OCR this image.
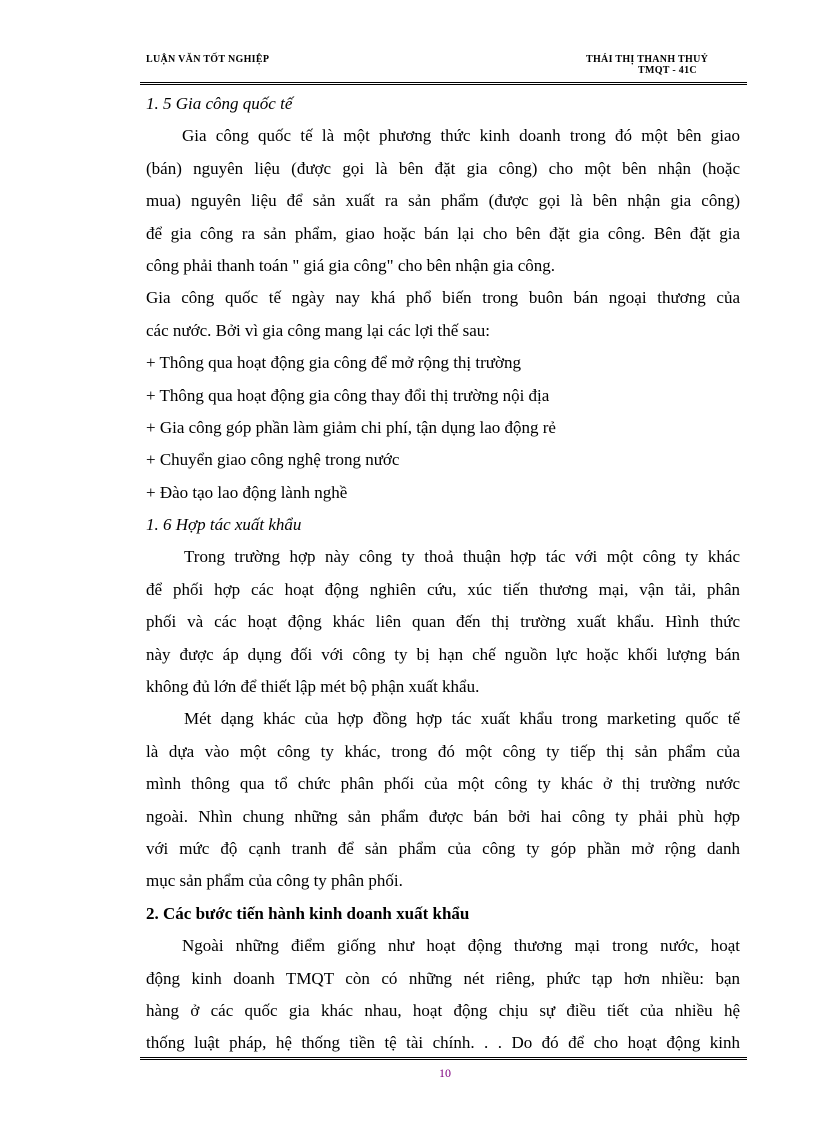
LUẬN VĂN TỐT NGHIỆP	THÁI THỊ THANH THUỶ
TMQT - 41C
1. 5 Gia công quốc tế
Gia công quốc tế là một phương thức kinh doanh trong đó một bên giao
(bán) nguyên liệu (được gọi là bên đặt gia công) cho một bên nhận (hoặc
mua) nguyên liệu để sản xuất ra sản phẩm (được gọi là bên nhận gia công)
để gia công ra sản phẩm, giao hoặc bán lại cho bên đặt gia công. Bên đặt gia
công phải thanh toán " giá gia công" cho bên nhận gia công.
Gia công quốc tế ngày nay khá phổ biến trong buôn bán ngoại thương của
các nước. Bởi vì gia công mang lại các lợi thế sau:
+ Thông qua hoạt động gia công để mở rộng thị trường
+ Thông qua hoạt động gia công thay đổi thị trường nội địa
+ Gia công góp phần làm giảm chi phí, tận dụng lao động rẻ
+ Chuyển giao công nghệ trong nước
+ Đào tạo lao động lành nghề
1. 6 Hợp tác xuất khẩu
Trong trường hợp này công ty thoả thuận hợp tác với một công ty khác
để phối hợp các hoạt động nghiên cứu, xúc tiến thương mại, vận tải, phân
phối và các hoạt động khác liên quan đến thị trường xuất khẩu. Hình thức
này được áp dụng đối với công ty bị hạn chế nguồn lực hoặc khối lượng bán
không đủ lớn để thiết lập mét bộ phận xuất khẩu.
Mét dạng khác của hợp đồng hợp tác xuất khẩu trong marketing quốc tế
là dựa vào một công ty khác, trong đó một công ty tiếp thị sản phẩm của
mình thông qua tổ chức phân phối của một công ty khác ở thị trường nước
ngoài. Nhìn chung những sản phẩm được bán bởi hai công ty phải phù hợp
với mức độ cạnh tranh để sản phẩm của công ty góp phần mở rộng danh
mục sản phẩm của công ty phân phối.
2. Các bước tiến hành kinh doanh xuất khẩu
Ngoài những điểm giống như hoạt động thương mại trong nước, hoạt
động kinh doanh TMQT còn có những nét riêng, phức tạp hơn nhiều: bạn
hàng ở các quốc gia khác nhau, hoạt động chịu sự điều tiết của nhiều hệ
thống luật pháp, hệ thống tiền tệ tài chính. . . Do đó để cho hoạt động kinh
10
